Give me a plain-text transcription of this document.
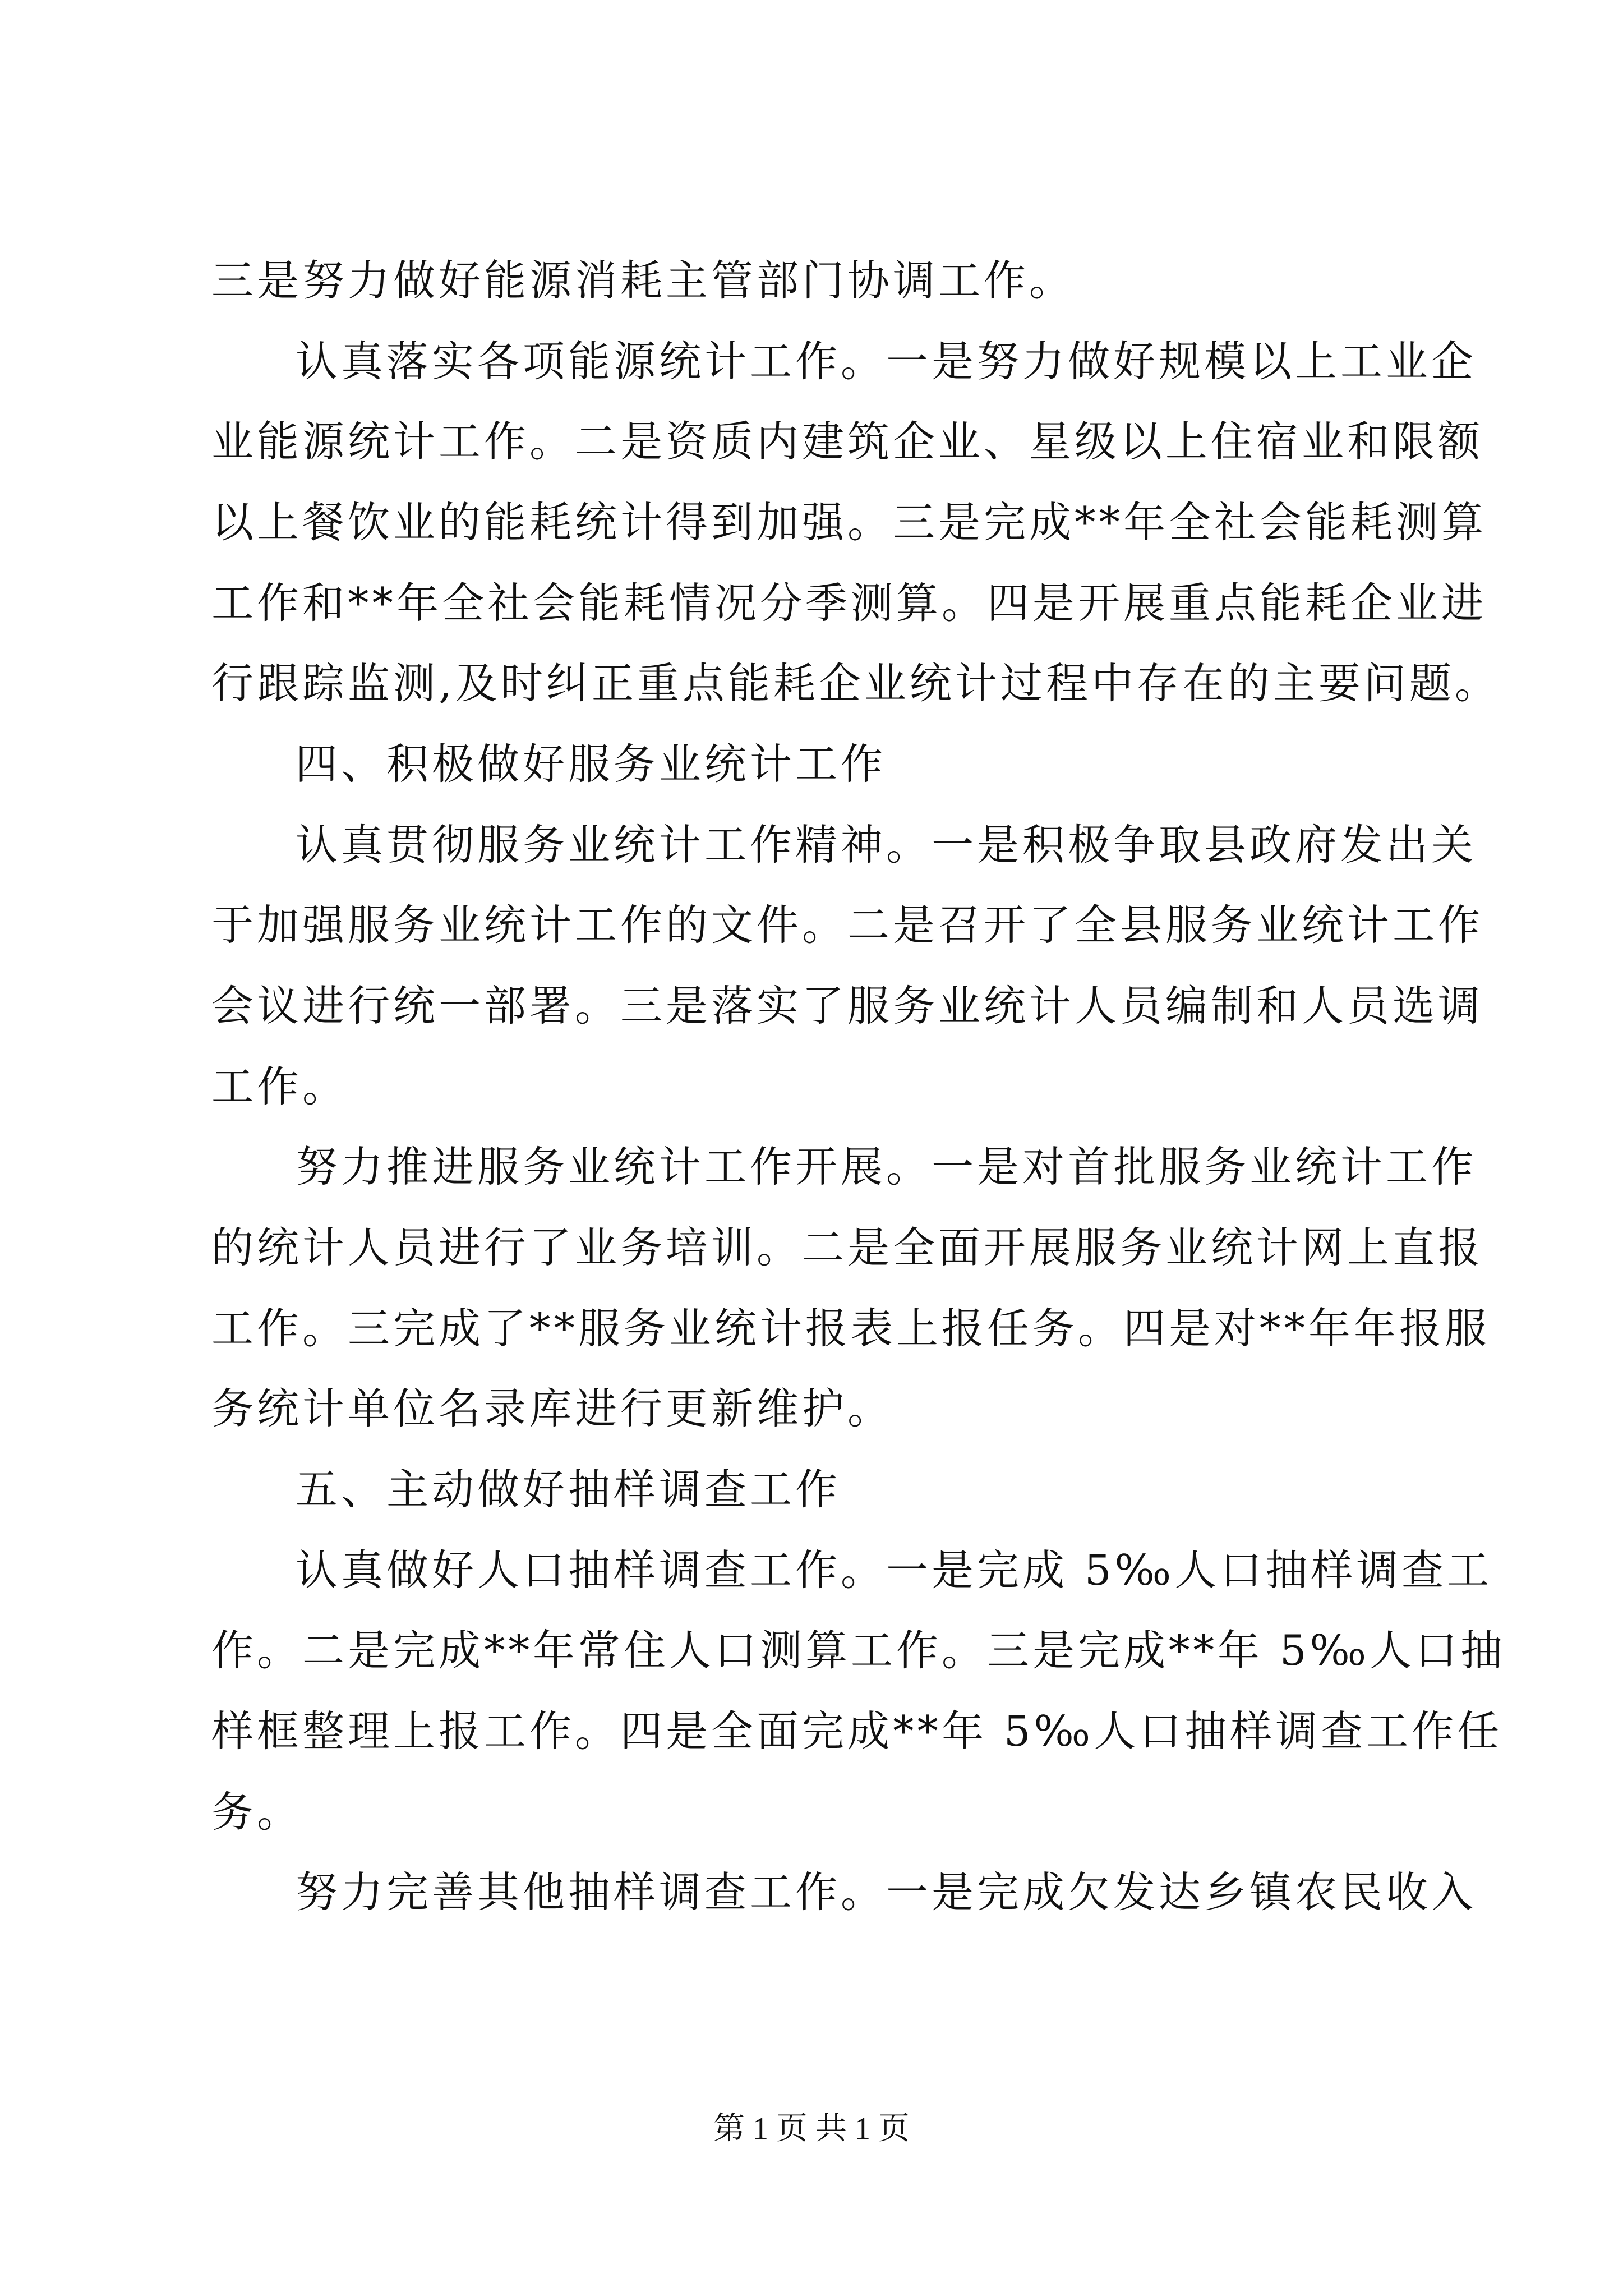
三是努力做好能源消耗主管部门协调工作。
认真落实各项能源统计工作。一是努力做好规模以上工业企
业能源统计工作。二是资质内建筑企业、星级以上住宿业和限额
以上餐饮业的能耗统计得到加强。三是完成**年全社会能耗测算
工作和**年全社会能耗情况分季测算。四是开展重点能耗企业进
行跟踪监测,及时纠正重点能耗企业统计过程中存在的主要问题。
四、积极做好服务业统计工作
认真贯彻服务业统计工作精神。一是积极争取县政府发出关
于加强服务业统计工作的文件。二是召开了全县服务业统计工作
会议进行统一部署。三是落实了服务业统计人员编制和人员选调
工作。
努力推进服务业统计工作开展。一是对首批服务业统计工作
的统计人员进行了业务培训。二是全面开展服务业统计网上直报
工作。三完成了**服务业统计报表上报任务。四是对**年年报服
务统计单位名录库进行更新维护。
五、主动做好抽样调查工作
认真做好人口抽样调查工作。一是完成 5‰人口抽样调查工
作。二是完成**年常住人口测算工作。三是完成**年 5‰人口抽
样框整理上报工作。四是全面完成**年 5‰人口抽样调查工作任
务。
努力完善其他抽样调查工作。一是完成欠发达乡镇农民收入
第 1 页 共 1 页
